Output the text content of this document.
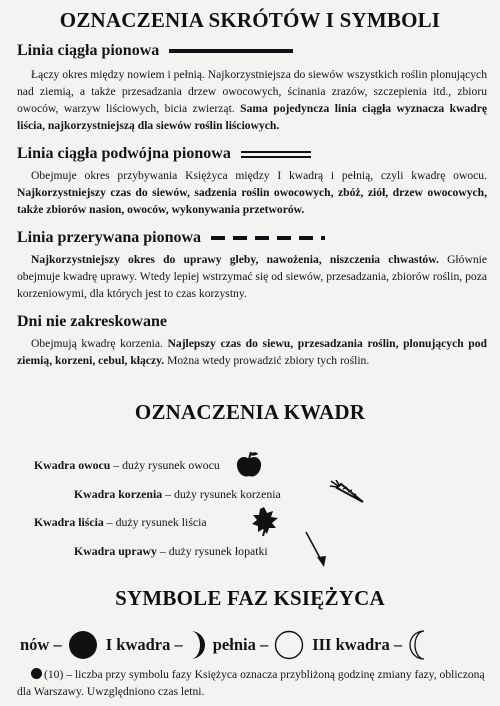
OZNACZENIA SKRÓTÓW I SYMBOLI
Linia ciągła pionowa
Łączy okres między nowiem i pełnią. Najkorzystniejsza do siewów wszystkich roślin plonujących nad ziemią, a także przesadzania drzew owocowych, ścinania zrazów, szczepienia itd., zbioru owoców, warzyw liściowych, bicia zwierząt. Sama pojedyncza linia ciągła wyznacza kwadrę liścia, najkorzystniejszą dla siewów roślin liściowych.
Linia ciągła podwójna pionowa
Obejmuje okres przybywania Księżyca między I kwadrą i pełnią, czyli kwadrę owocu. Najkorzystniejszy czas do siewów, sadzenia roślin owocowych, zbóż, ziół, drzew owocowych, także zbiorów nasion, owoców, wykonywania przetworów.
Linia przerywana pionowa
Najkorzystniejszy okres do uprawy gleby, nawożenia, niszczenia chwastów. Głównie obejmuje kwadrę uprawy. Wtedy lepiej wstrzymać się od siewów, przesadzania, zbiorów roślin, poza korzeniowymi, dla których jest to czas korzystny.
Dni nie zakreskowane
Obejmują kwadrę korzenia. Najlepszy czas do siewu, przesadzania roślin, plonujących pod ziemią, korzeni, cebul, kłączy. Można wtedy prowadzić zbiory tych roślin.
OZNACZENIA KWADR
Kwadra owocu – duży rysunek owocu
Kwadra korzenia – duży rysunek korzenia
Kwadra liścia – duży rysunek liścia
Kwadra uprawy – duży rysunek łopatki
SYMBOLE FAZ KSIĘŻYCA
nów –	I kwadra – pełnia –	III kwadra –
(10) – liczba przy symbolu fazy Księżyca oznacza przybliżoną godzinę zmiany fazy, obliczoną dla Warszawy. Uwzględniono czas letni.
